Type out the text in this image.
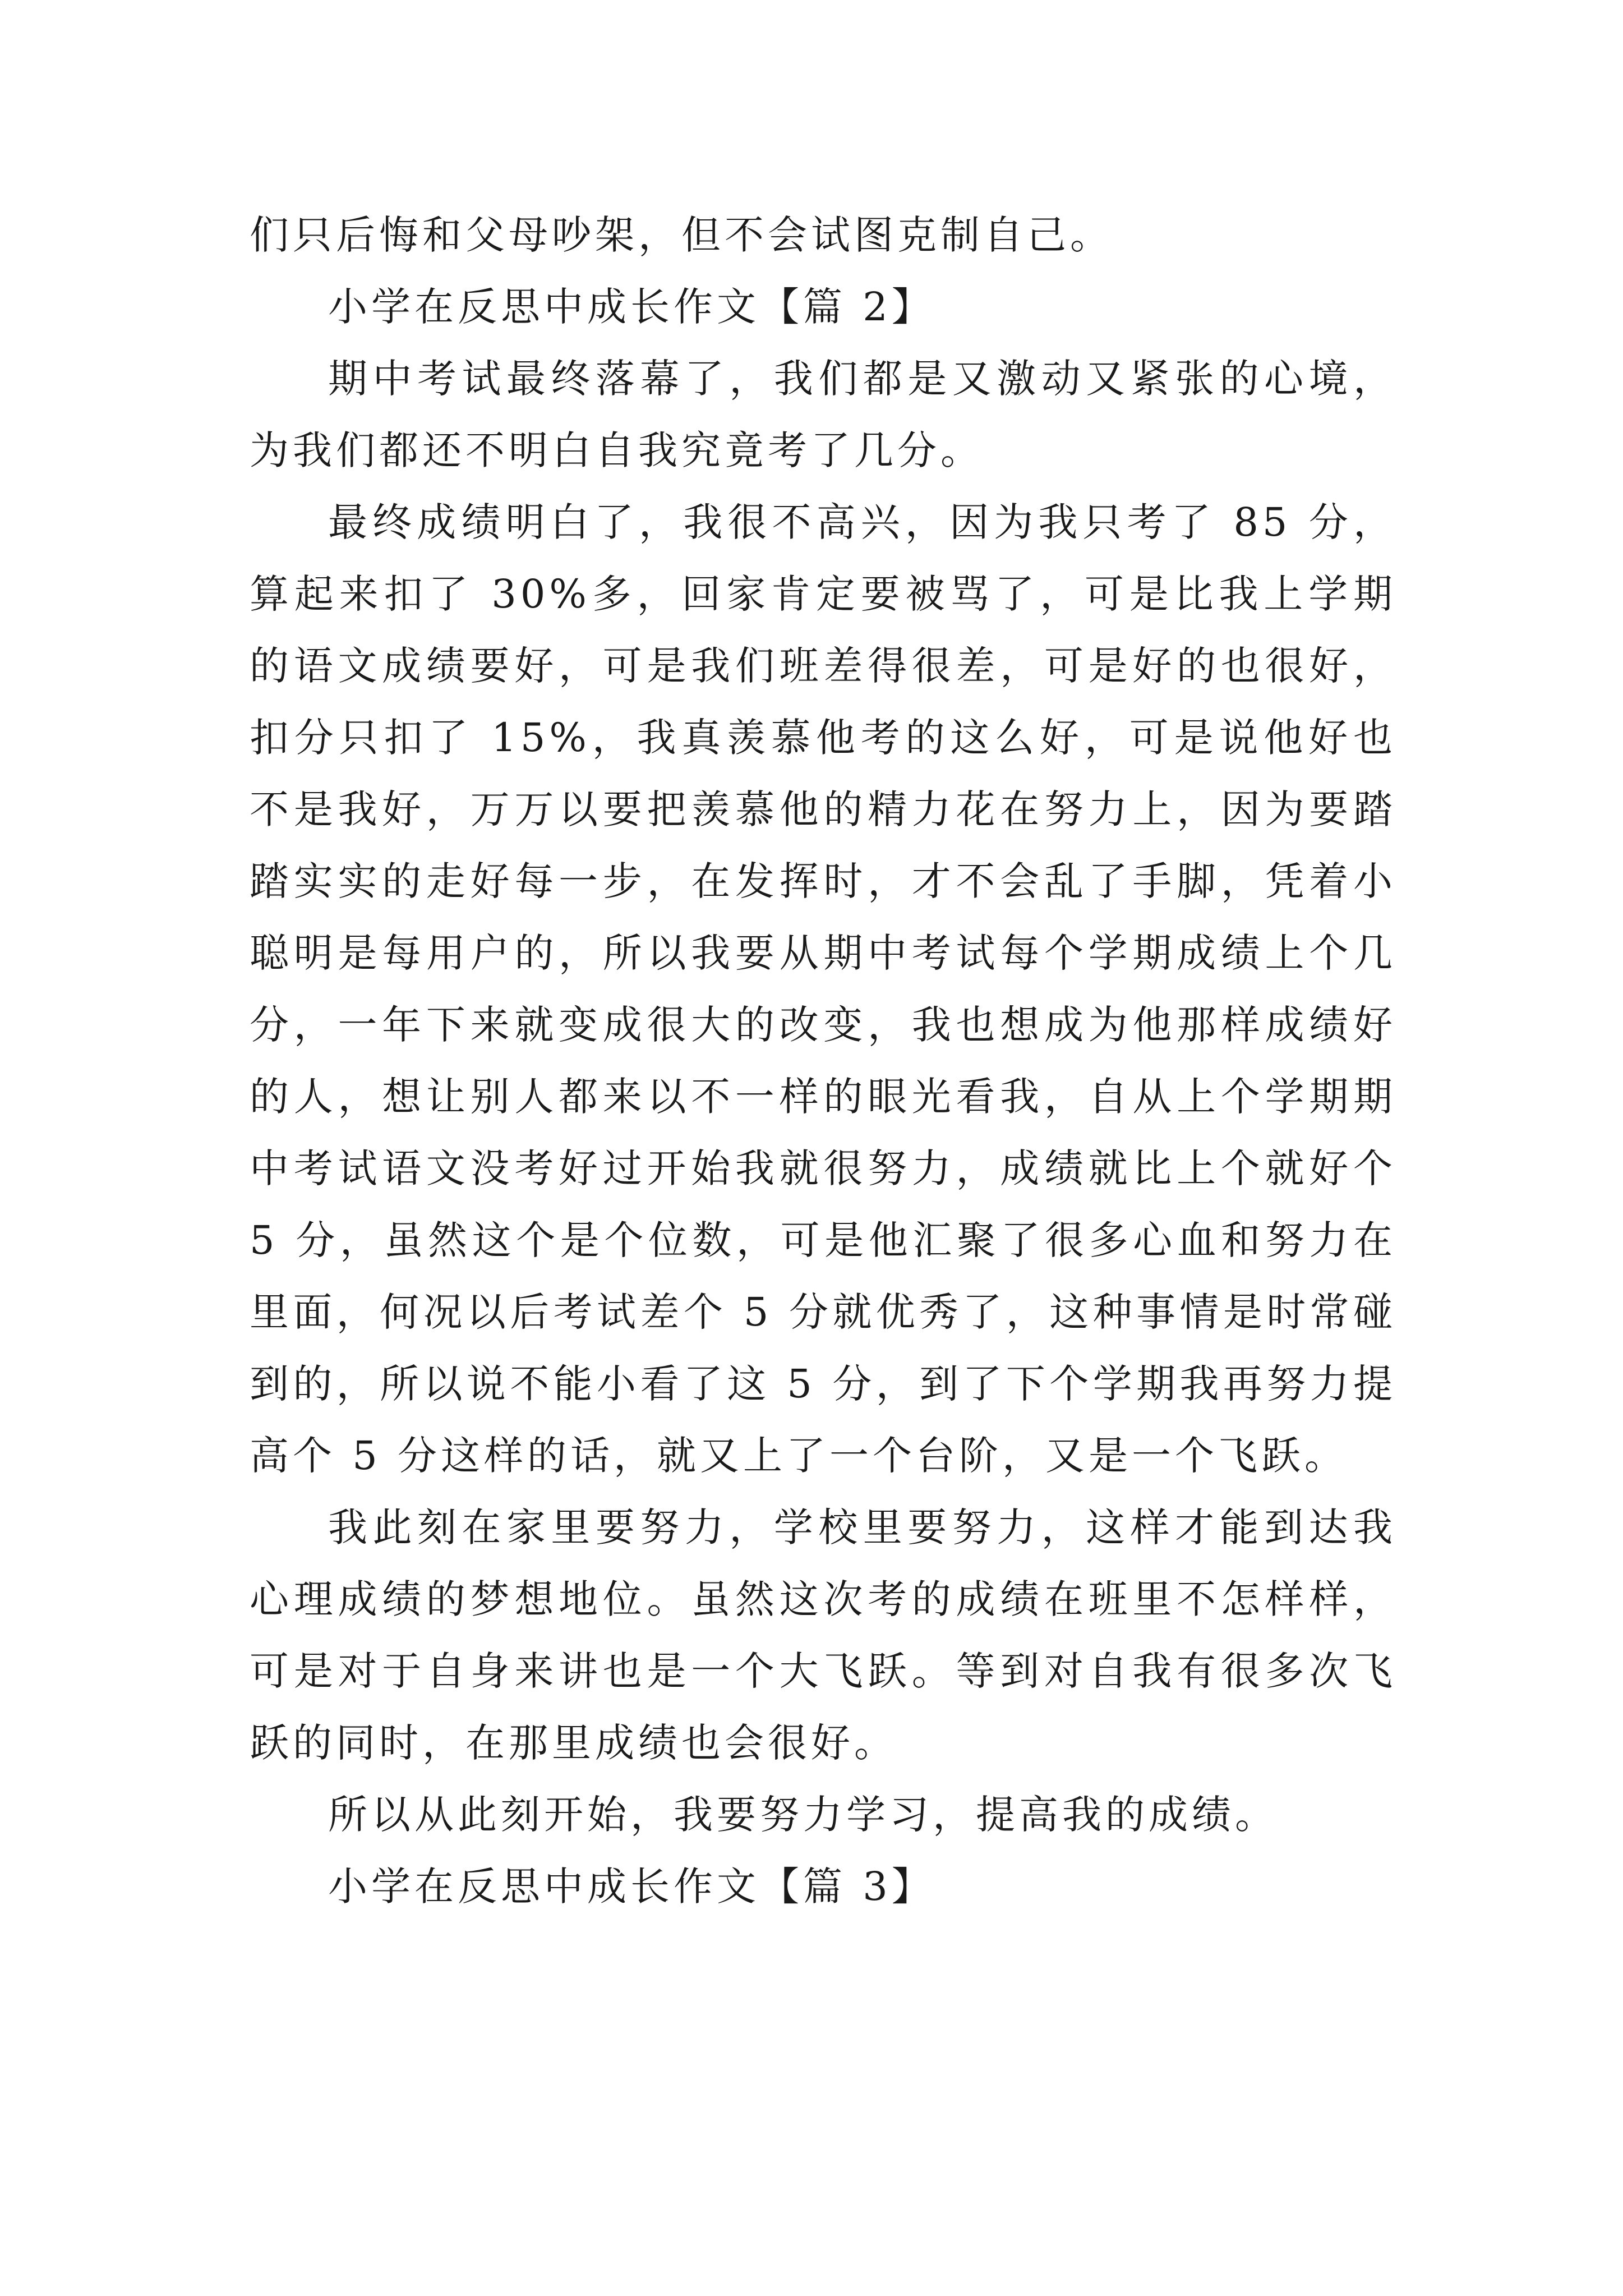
们只后悔和父母吵架，但不会试图克制自己。

小学在反思中成长作文【篇 2】

期中考试最终落幕了，我们都是又激动又紧张的心境，为我们都还不明白自我究竟考了几分。

最终成绩明白了，我很不高兴，因为我只考了 85 分，算起来扣了 30%多，回家肯定要被骂了，可是比我上学期的语文成绩要好，可是我们班差得很差，可是好的也很好，扣分只扣了 15%，我真羡慕他考的这么好，可是说他好也不是我好，万万以要把羡慕他的精力花在努力上，因为要踏踏实实的走好每一步，在发挥时，才不会乱了手脚，凭着小聪明是每用户的，所以我要从期中考试每个学期成绩上个几分，一年下来就变成很大的改变，我也想成为他那样成绩好的人，想让别人都来以不一样的眼光看我，自从上个学期期中考试语文没考好过开始我就很努力，成绩就比上个就好个 5 分，虽然这个是个位数，可是他汇聚了很多心血和努力在里面，何况以后考试差个 5 分就优秀了，这种事情是时常碰到的，所以说不能小看了这 5 分，到了下个学期我再努力提高个 5 分这样的话，就又上了一个台阶，又是一个飞跃。

我此刻在家里要努力，学校里要努力，这样才能到达我心理成绩的梦想地位。虽然这次考的成绩在班里不怎样样，可是对于自身来讲也是一个大飞跃。等到对自我有很多次飞跃的同时，在那里成绩也会很好。

所以从此刻开始，我要努力学习，提高我的成绩。

小学在反思中成长作文【篇 3】
